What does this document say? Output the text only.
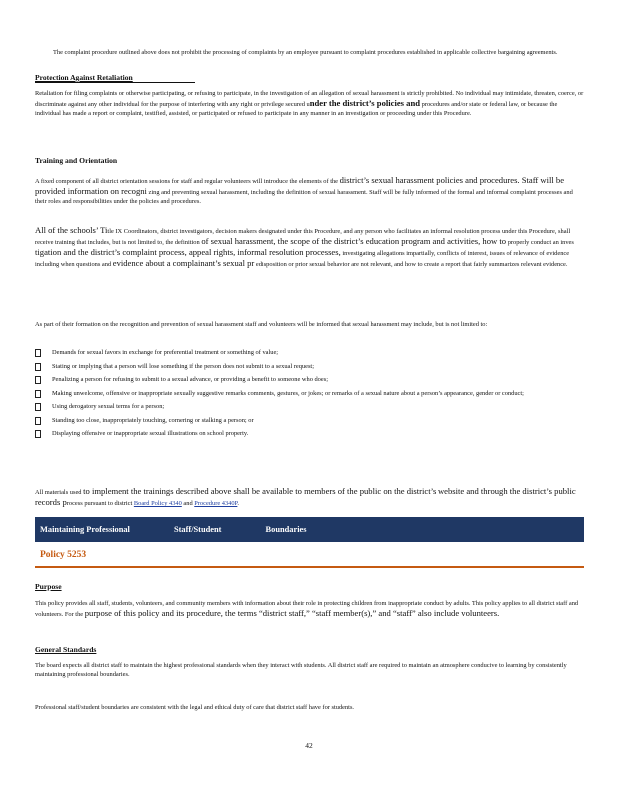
The complaint procedure outlined above does not prohibit the processing of complaints by an employee pursuant to complaint procedures established in applicable collective bargaining agreements.

Protection Against Retaliation

Retaliation for filing complaints or otherwise participating, or refusing to participate, in the investigation of an allegation of sexual harassment is strictly prohibited. No individual may intimidate, threaten, coerce, or discriminate against any other individual for the purpose of interfering with any right or privilege secured under the district’s policies and procedures and/or state or federal law, or because the individual has made a report or complaint, testified, assisted, or participated or refused to participate in any manner in an investigation or proceeding under this Procedure.

Training and Orientation

A fixed component of all district orientation sessions for staff and regular volunteers will introduce the elements of the district’s sexual harassment policies and procedures. Staff will be provided information on recogni zing and preventing sexual harassment, including the definition of sexual harassment. Staff will be fully informed of the formal and informal complaint processes and their roles and responsibilities under the policies and procedures.

All of the schools’ Title IX Coordinators, district investigators, decision makers designated under this Procedure, and any person who facilitates an informal resolution process under this Procedure, shall receive training that includes, but is not limited to, the definition of sexual harassment, the scope of the district’s education program and activities, how to properly conduct an inves tigation and the district’s complaint process, appeal rights, informal resolution processes, investigating allegations impartially, conflicts of interest, issues of relevance of evidence including when questions and evidence about a complainant’s sexual pr edisposition or prior sexual behavior are not relevant, and how to create a report that fairly summarizes relevant evidence.

As part of their formation on the recognition and prevention of sexual harassment staff and volunteers will be informed that sexual harassment may include, but is not limited to:

Demands for sexual favors in exchange for preferential treatment or something of value;
Stating or implying that a person will lose something if the person does not submit to a sexual request;
Penalizing a person for refusing to submit to a sexual advance, or providing a benefit to someone who does;
Making unwelcome, offensive or inappropriate sexually suggestive remarks comments, gestures, or jokes; or remarks of a sexual nature about a person’s appearance, gender or conduct;
Using derogatory sexual terms for a person;
Standing too close, inappropriately touching, cornering or stalking a person; or
Displaying offensive or inappropriate sexual illustrations on school property.

All materials used to implement the trainings described above shall be available to members of the public on the district’s website and through the district’s public records process pursuant to district Board Policy 4340 and Procedure 4340P.

Maintaining Professional	Staff/Student	Boundaries
Policy 5253
Purpose

This policy provides all staff, students, volunteers, and community members with information about their role in protecting children from inappropriate conduct by adults. This policy applies to all district staff and volunteers. For the purpose of this policy and its procedure, the terms “district staff,” “staff member(s),” and “staff” also include volunteers.

General Standards

The board expects all district staff to maintain the highest professional standards when they interact with students. All district staff are required to maintain an atmosphere conducive to learning by consistently maintaining professional boundaries.

Professional staff/student boundaries are consistent with the legal and ethical duty of care that district staff have for students.

42
